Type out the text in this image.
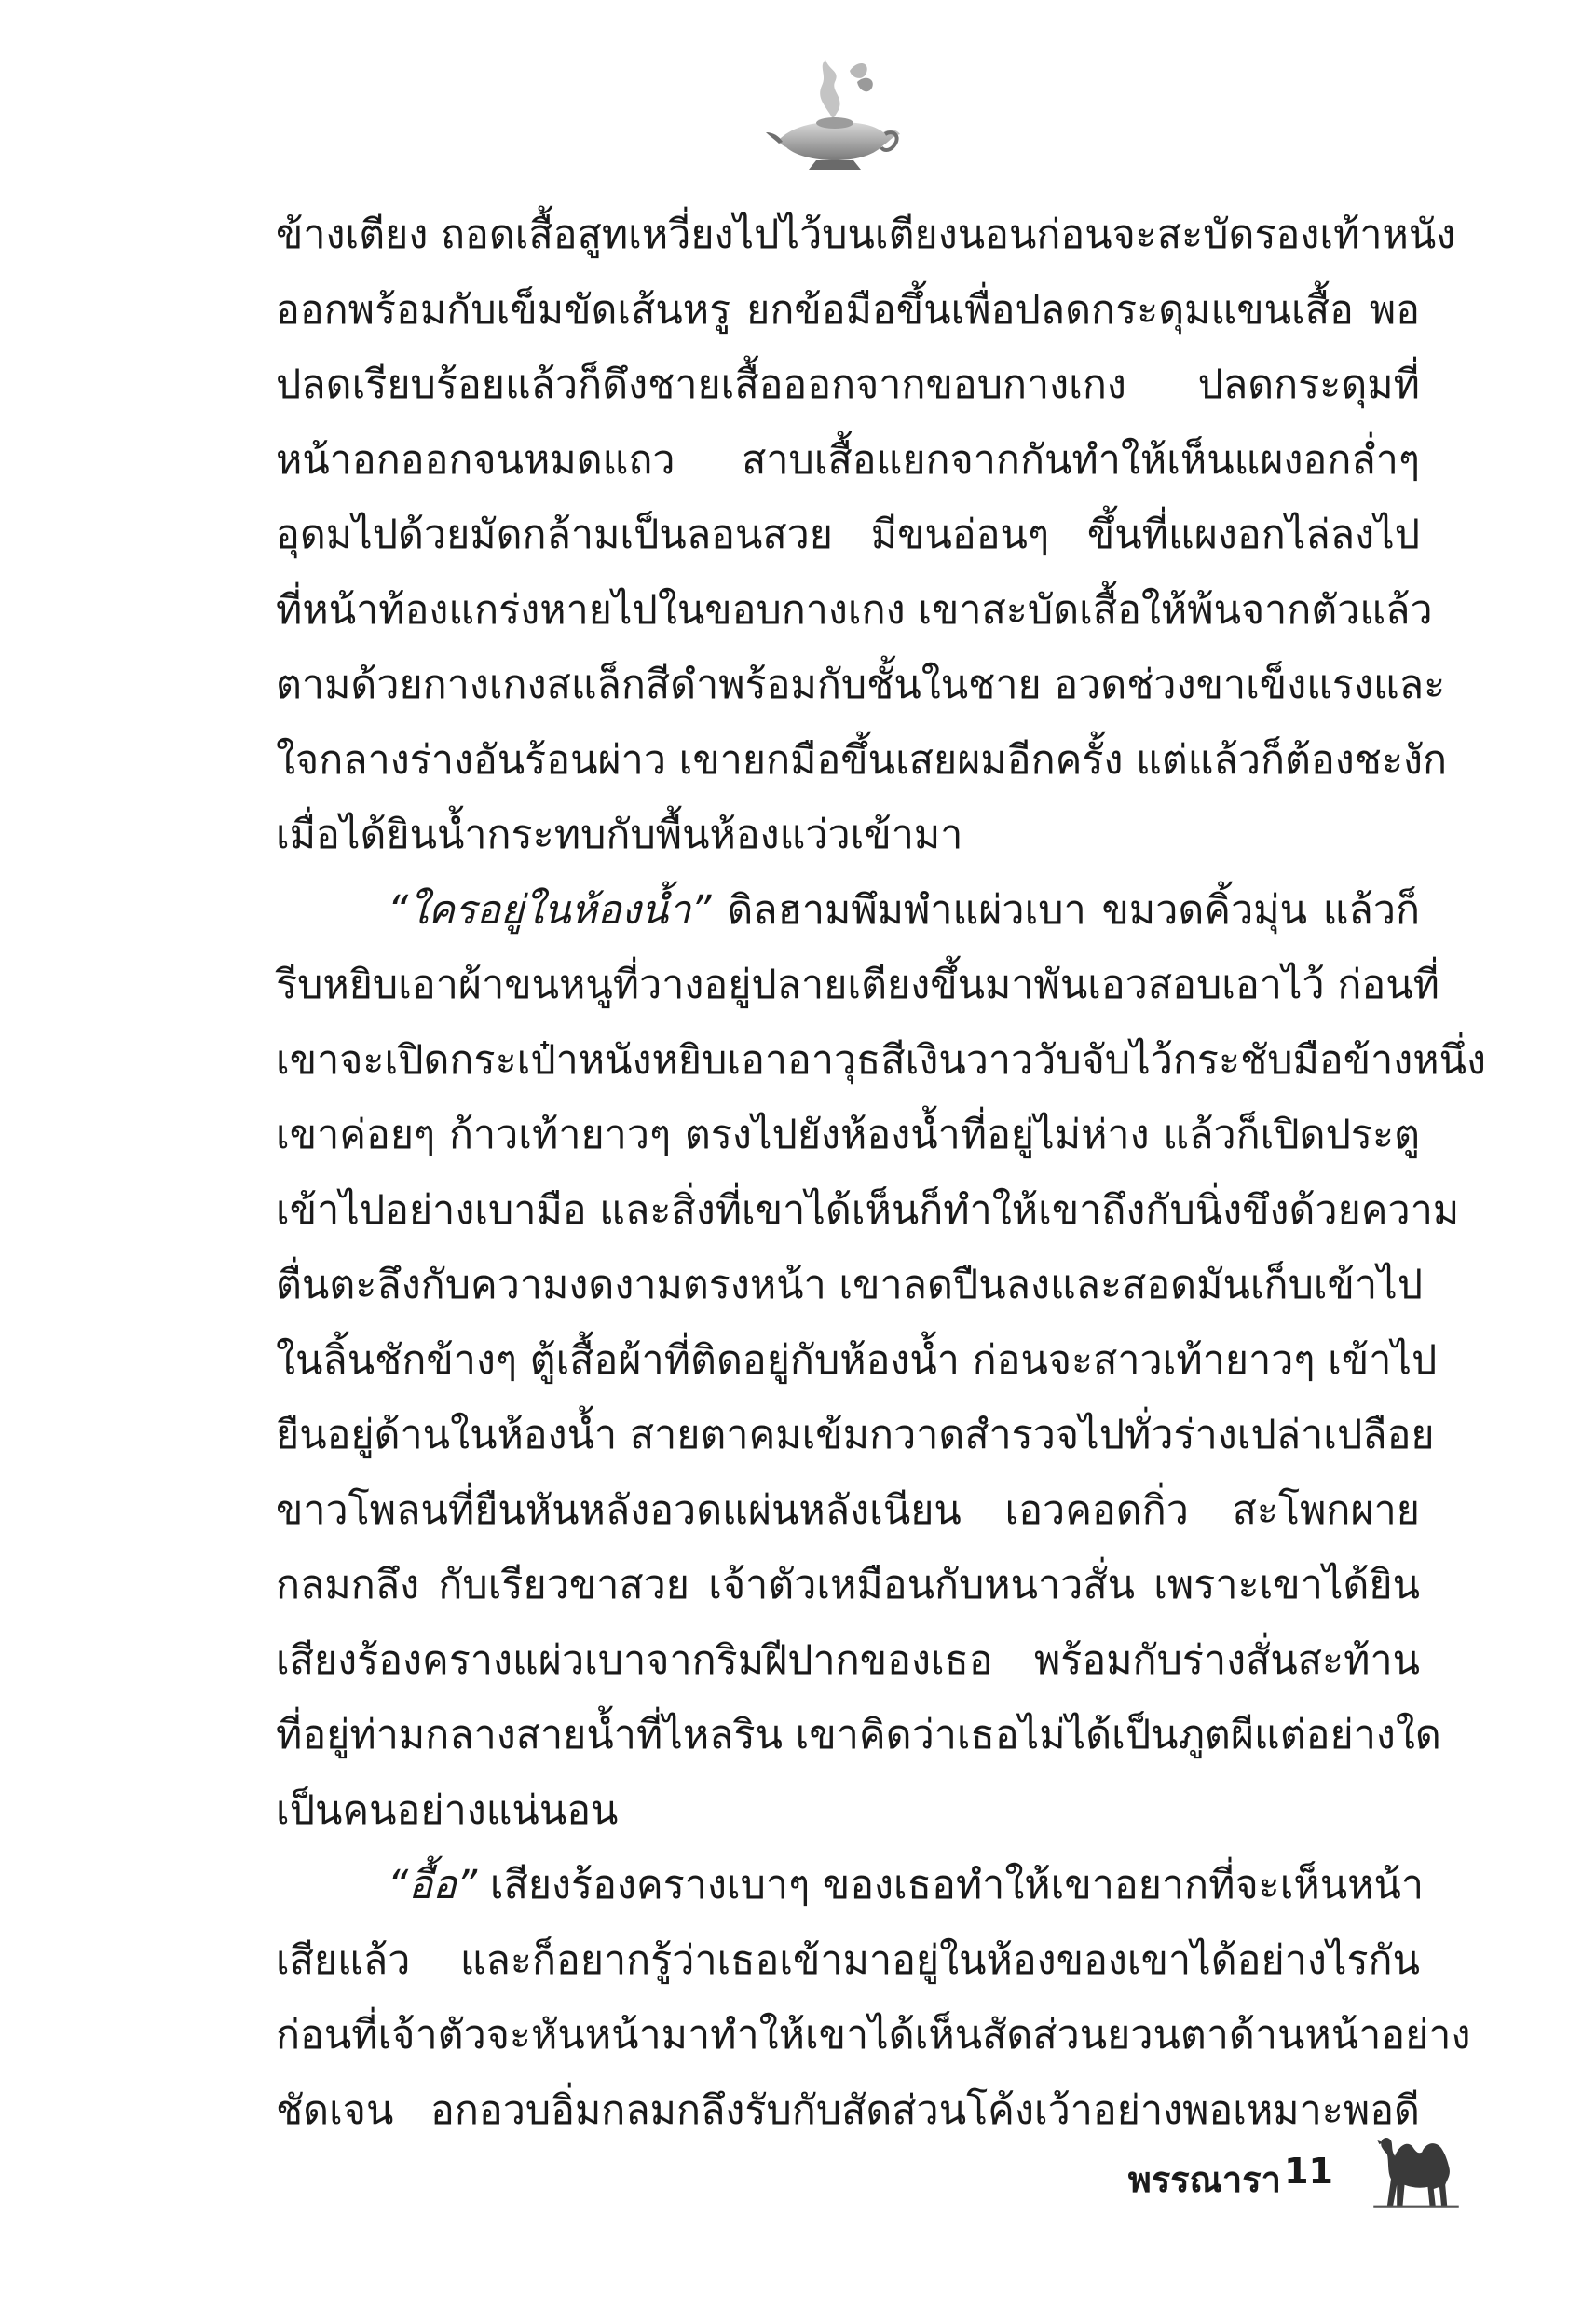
ข้างเตียง ถอดเสื้อสูทเหวี่ยงไปไว้บนเตียงนอนก่อนจะสะบัดรองเท้าหนัง
ออกพร้อมกับเข็มขัดเส้นหรู ยกข้อมือขึ้นเพื่อปลดกระดุมแขนเสื้อ พอ
ปลดเรียบร้อยแล้วก็ดึงชายเสื้อออกจากขอบกางเกง ปลดกระดุมที่
หน้าอกออกจนหมดแถว สาบเสื้อแยกจากกันทำให้เห็นแผงอกล่ำๆ
อุดมไปด้วยมัดกล้ามเป็นลอนสวย มีขนอ่อนๆ ขึ้นที่แผงอกไล่ลงไป
ที่หน้าท้องแกร่งหายไปในขอบกางเกง เขาสะบัดเสื้อให้พ้นจากตัวแล้ว
ตามด้วยกางเกงสแล็กสีดำพร้อมกับชั้นในชาย อวดช่วงขาเข็งแรงและ
ใจกลางร่างอันร้อนผ่าว เขายกมือขึ้นเสยผมอีกครั้ง แต่แล้วก็ต้องชะงัก
เมื่อได้ยินน้ำกระทบกับพื้นห้องแว่วเข้ามา
“ใครอยู่ในห้องน้ำ” ดิลฮามพึมพำแผ่วเบา ขมวดคิ้วมุ่น แล้วก็
รีบหยิบเอาผ้าขนหนูที่วางอยู่ปลายเตียงขึ้นมาพันเอวสอบเอาไว้ ก่อนที่
เขาจะเปิดกระเป๋าหนังหยิบเอาอาวุธสีเงินวาววับจับไว้กระชับมือข้างหนึ่ง
เขาค่อยๆ ก้าวเท้ายาวๆ ตรงไปยังห้องน้ำที่อยู่ไม่ห่าง แล้วก็เปิดประตู
เข้าไปอย่างเบามือ และสิ่งที่เขาได้เห็นก็ทำให้เขาถึงกับนิ่งขึงด้วยความ
ตื่นตะลึงกับความงดงามตรงหน้า เขาลดปืนลงและสอดมันเก็บเข้าไป
ในลิ้นชักข้างๆ ตู้เสื้อผ้าที่ติดอยู่กับห้องน้ำ ก่อนจะสาวเท้ายาวๆ เข้าไป
ยืนอยู่ด้านในห้องน้ำ สายตาคมเข้มกวาดสำรวจไปทั่วร่างเปล่าเปลือย
ขาวโพลนที่ยืนหันหลังอวดแผ่นหลังเนียน เอวคอดกิ่ว สะโพกผาย
กลมกลึง กับเรียวขาสวย เจ้าตัวเหมือนกับหนาวสั่น เพราะเขาได้ยิน
เสียงร้องครางแผ่วเบาจากริมฝีปากของเธอ พร้อมกับร่างสั่นสะท้าน
ที่อยู่ท่ามกลางสายน้ำที่ไหลริน เขาคิดว่าเธอไม่ได้เป็นภูตผีแต่อย่างใด
เป็นคนอย่างแน่นอน
“อื้อ” เสียงร้องครางเบาๆ ของเธอทำให้เขาอยากที่จะเห็นหน้า
เสียแล้ว และก็อยากรู้ว่าเธอเข้ามาอยู่ในห้องของเขาได้อย่างไรกัน
ก่อนที่เจ้าตัวจะหันหน้ามาทำให้เขาได้เห็นสัดส่วนยวนตาด้านหน้าอย่าง
ชัดเจน อกอวบอิ่มกลมกลึงรับกับสัดส่วนโค้งเว้าอย่างพอเหมาะพอดี
พรรณารา 11
